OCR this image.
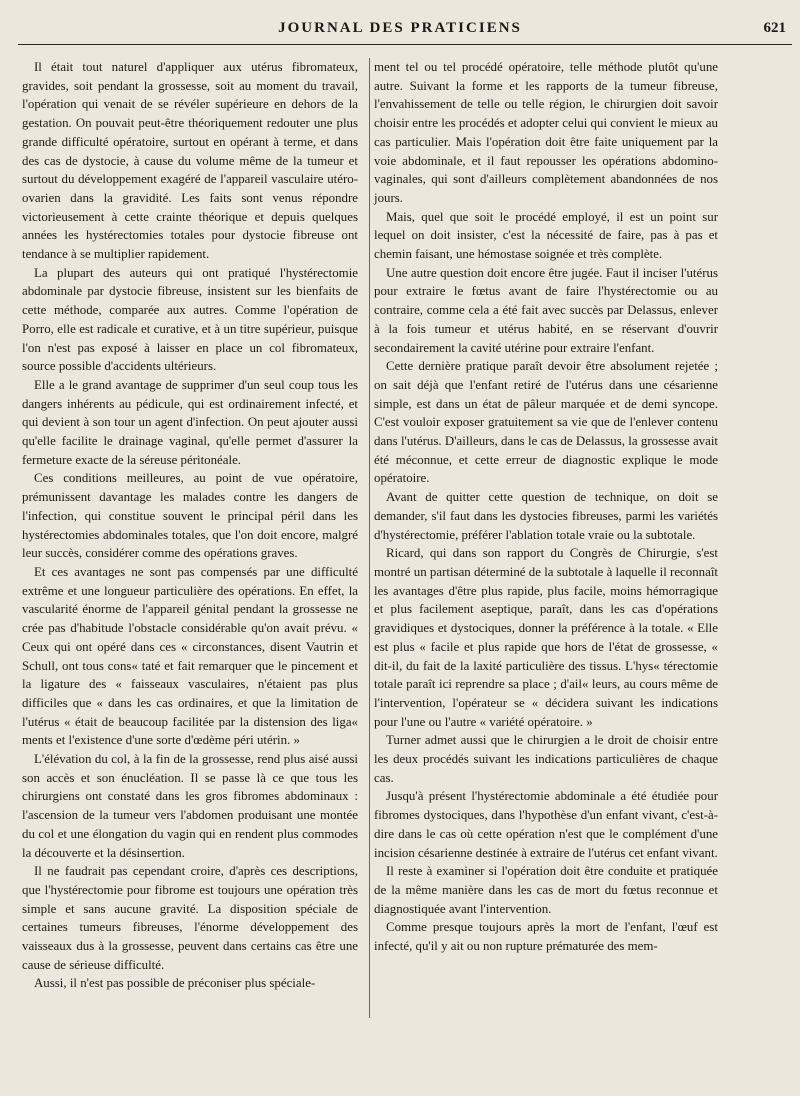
JOURNAL DES PRATICIENS	621

Il était tout naturel d'appliquer aux utérus fibromateux, gravides, soit pendant la grossesse, soit au moment du travail, l'opération qui venait de se révéler supérieure en dehors de la gestation. On pouvait peut-être théoriquement redouter une plus grande difficulté opératoire, surtout en opérant à terme, et dans des cas de dystocie, à cause du volume même de la tumeur et surtout du développement exagéré de l'appareil vasculaire utéro-ovarien dans la gravidité. Les faits sont venus répondre victorieusement à cette crainte théorique et depuis quelques années les hystérectomies totales pour dystocie fibreuse ont tendance à se multiplier rapidement.

La plupart des auteurs qui ont pratiqué l'hystérectomie abdominale par dystocie fibreuse, insistent sur les bienfaits de cette méthode, comparée aux autres. Comme l'opération de Porro, elle est radicale et curative, et à un titre supérieur, puisque l'on n'est pas exposé à laisser en place un col fibromateux, source possible d'accidents ultérieurs.

Elle a le grand avantage de supprimer d'un seul coup tous les dangers inhérents au pédicule, qui est ordinairement infecté, et qui devient à son tour un agent d'infection. On peut ajouter aussi qu'elle facilite le drainage vaginal, qu'elle permet d'assurer la fermeture exacte de la séreuse péritonéale.

Ces conditions meilleures, au point de vue opératoire, prémunissent davantage les malades contre les dangers de l'infection, qui constitue souvent le principal péril dans les hystérectomies abdominales totales, que l'on doit encore, malgré leur succès, considérer comme des opérations graves.

Et ces avantages ne sont pas compensés par une difficulté extrême et une longueur particulière des opérations. En effet, la vascularité énorme de l'appareil génital pendant la grossesse ne crée pas d'habitude l'obstacle considérable qu'on avait prévu. « Ceux qui ont opéré dans ces « circonstances, disent Vautrin et Schull, ont tous cons« taté et fait remarquer que le pincement et la ligature des « faisseaux vasculaires, n'étaient pas plus difficiles que « dans les cas ordinaires, et que la limitation de l'utérus « était de beaucoup facilitée par la distension des liga« ments et l'existence d'une sorte d'œdème péri utérin. »

L'élévation du col, à la fin de la grossesse, rend plus aisé aussi son accès et son énucléation. Il se passe là ce que tous les chirurgiens ont constaté dans les gros fibromes abdominaux : l'ascension de la tumeur vers l'abdomen produisant une montée du col et une élongation du vagin qui en rendent plus commodes la découverte et la désinsertion.

Il ne faudrait pas cependant croire, d'après ces descriptions, que l'hystérectomie pour fibrome est toujours une opération très simple et sans aucune gravité. La disposition spéciale de certaines tumeurs fibreuses, l'énorme développement des vaisseaux dus à la grossesse, peuvent dans certains cas être une cause de sérieuse difficulté.

Aussi, il n'est pas possible de préconiser plus spéciale-

ment tel ou tel procédé opératoire, telle méthode plutôt qu'une autre. Suivant la forme et les rapports de la tumeur fibreuse, l'envahissement de telle ou telle région, le chirurgien doit savoir choisir entre les procédés et adopter celui qui convient le mieux au cas particulier. Mais l'opération doit être faite uniquement par la voie abdominale, et il faut repousser les opérations abdomino-vaginales, qui sont d'ailleurs complètement abandonnées de nos jours.

Mais, quel que soit le procédé employé, il est un point sur lequel on doit insister, c'est la nécessité de faire, pas à pas et chemin faisant, une hémostase soignée et très complète.

Une autre question doit encore être jugée. Faut il inciser l'utérus pour extraire le fœtus avant de faire l'hystérectomie ou au contraire, comme cela a été fait avec succès par Delassus, enlever à la fois tumeur et utérus habité, en se réservant d'ouvrir secondairement la cavité utérine pour extraire l'enfant.

Cette dernière pratique paraît devoir être absolument rejetée ; on sait déjà que l'enfant retiré de l'utérus dans une césarienne simple, est dans un état de pâleur marquée et de demi syncope. C'est vouloir exposer gratuitement sa vie que de l'enlever contenu dans l'utérus. D'ailleurs, dans le cas de Delassus, la grossesse avait été méconnue, et cette erreur de diagnostic explique le mode opératoire.

Avant de quitter cette question de technique, on doit se demander, s'il faut dans les dystocies fibreuses, parmi les variétés d'hystérectomie, préférer l'ablation totale vraie ou la subtotale.

Ricard, qui dans son rapport du Congrès de Chirurgie, s'est montré un partisan déterminé de la subtotale à laquelle il reconnaît les avantages d'être plus rapide, plus facile, moins hémorragique et plus facilement aseptique, paraît, dans les cas d'opérations gravidiques et dystociques, donner la préférence à la totale. « Elle est plus « facile et plus rapide que hors de l'état de grossesse, « dit-il, du fait de la laxité particulière des tissus. L'hys« térectomie totale paraît ici reprendre sa place ; d'ail« leurs, au cours même de l'intervention, l'opérateur se « décidera suivant les indications pour l'une ou l'autre « variété opératoire. »

Turner admet aussi que le chirurgien a le droit de choisir entre les deux procédés suivant les indications particulières de chaque cas.

Jusqu'à présent l'hystérectomie abdominale a été étudiée pour fibromes dystociques, dans l'hypothèse d'un enfant vivant, c'est-à-dire dans le cas où cette opération n'est que le complément d'une incision césarienne destinée à extraire de l'utérus cet enfant vivant.

Il reste à examiner si l'opération doit être conduite et pratiquée de la même manière dans les cas de mort du fœtus reconnue et diagnostiquée avant l'intervention.

Comme presque toujours après la mort de l'enfant, l'œuf est infecté, qu'il y ait ou non rupture prématurée des mem-
